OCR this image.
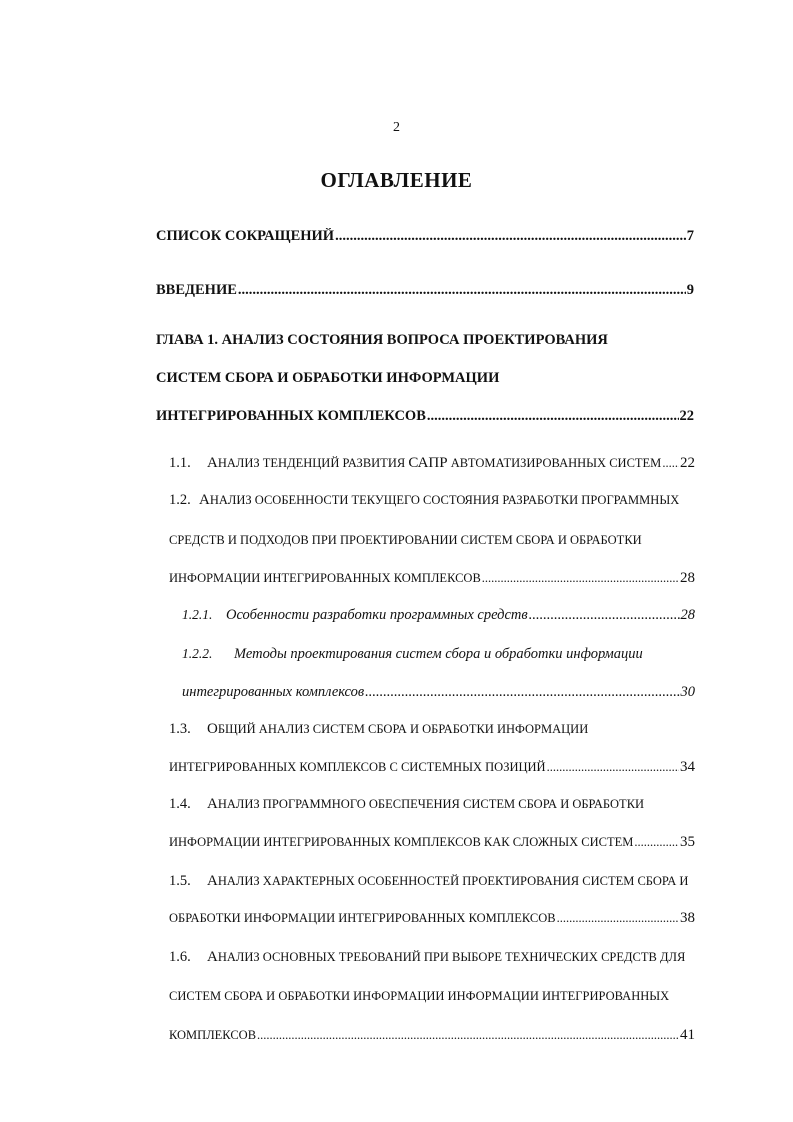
2
ОГЛАВЛЕНИЕ
СПИСОК СОКРАЩЕНИЙ .....	7
ВВЕДЕНИЕ .....	9
ГЛАВА 1. АНАЛИЗ СОСТОЯНИЯ ВОПРОСА ПРОЕКТИРОВАНИЯ
СИСТЕМ СБОРА И ОБРАБОТКИ ИНФОРМАЦИИ
ИНТЕГРИРОВАННЫХ КОМПЛЕКСОВ .....	22
1.1. АНАЛИЗ ТЕНДЕНЦИЙ РАЗВИТИЯ САПР АВТОМАТИЗИРОВАННЫХ СИСТЕМ ..... 22
1.2. АНАЛИЗ ОСОБЕННОСТИ ТЕКУЩЕГО СОСТОЯНИЯ РАЗРАБОТКИ ПРОГРАММНЫХ
СРЕДСТВ И ПОДХОДОВ ПРИ ПРОЕКТИРОВАНИИ СИСТЕМ СБОРА И ОБРАБОТКИ
ИНФОРМАЦИИ ИНТЕГРИРОВАННЫХ КОМПЛЕКСОВ .....	28
1.2.1. Особенности разработки программных средств .....	28
1.2.2. Методы проектирования систем сбора и обработки информации
интегрированных комплексов .....	30
1.3. ОБЩИЙ АНАЛИЗ СИСТЕМ СБОРА И ОБРАБОТКИ ИНФОРМАЦИИ
ИНТЕГРИРОВАННЫХ КОМПЛЕКСОВ С СИСТЕМНЫХ ПОЗИЦИЙ .....	34
1.4. АНАЛИЗ ПРОГРАММНОГО ОБЕСПЕЧЕНИЯ СИСТЕМ СБОРА И ОБРАБОТКИ
ИНФОРМАЦИИ ИНТЕГРИРОВАННЫХ КОМПЛЕКСОВ КАК СЛОЖНЫХ СИСТЕМ .....	35
1.5. АНАЛИЗ ХАРАКТЕРНЫХ ОСОБЕННОСТЕЙ ПРОЕКТИРОВАНИЯ СИСТЕМ СБОРА И
ОБРАБОТКИ ИНФОРМАЦИИ ИНТЕГРИРОВАННЫХ КОМПЛЕКСОВ .....	38
1.6. АНАЛИЗ ОСНОВНЫХ ТРЕБОВАНИЙ ПРИ ВЫБОРЕ ТЕХНИЧЕСКИХ СРЕДСТВ ДЛЯ
СИСТЕМ СБОРА И ОБРАБОТКИ ИНФОРМАЦИИ ИНФОРМАЦИИ ИНТЕГРИРОВАННЫХ
КОМПЛЕКСОВ .....	41
